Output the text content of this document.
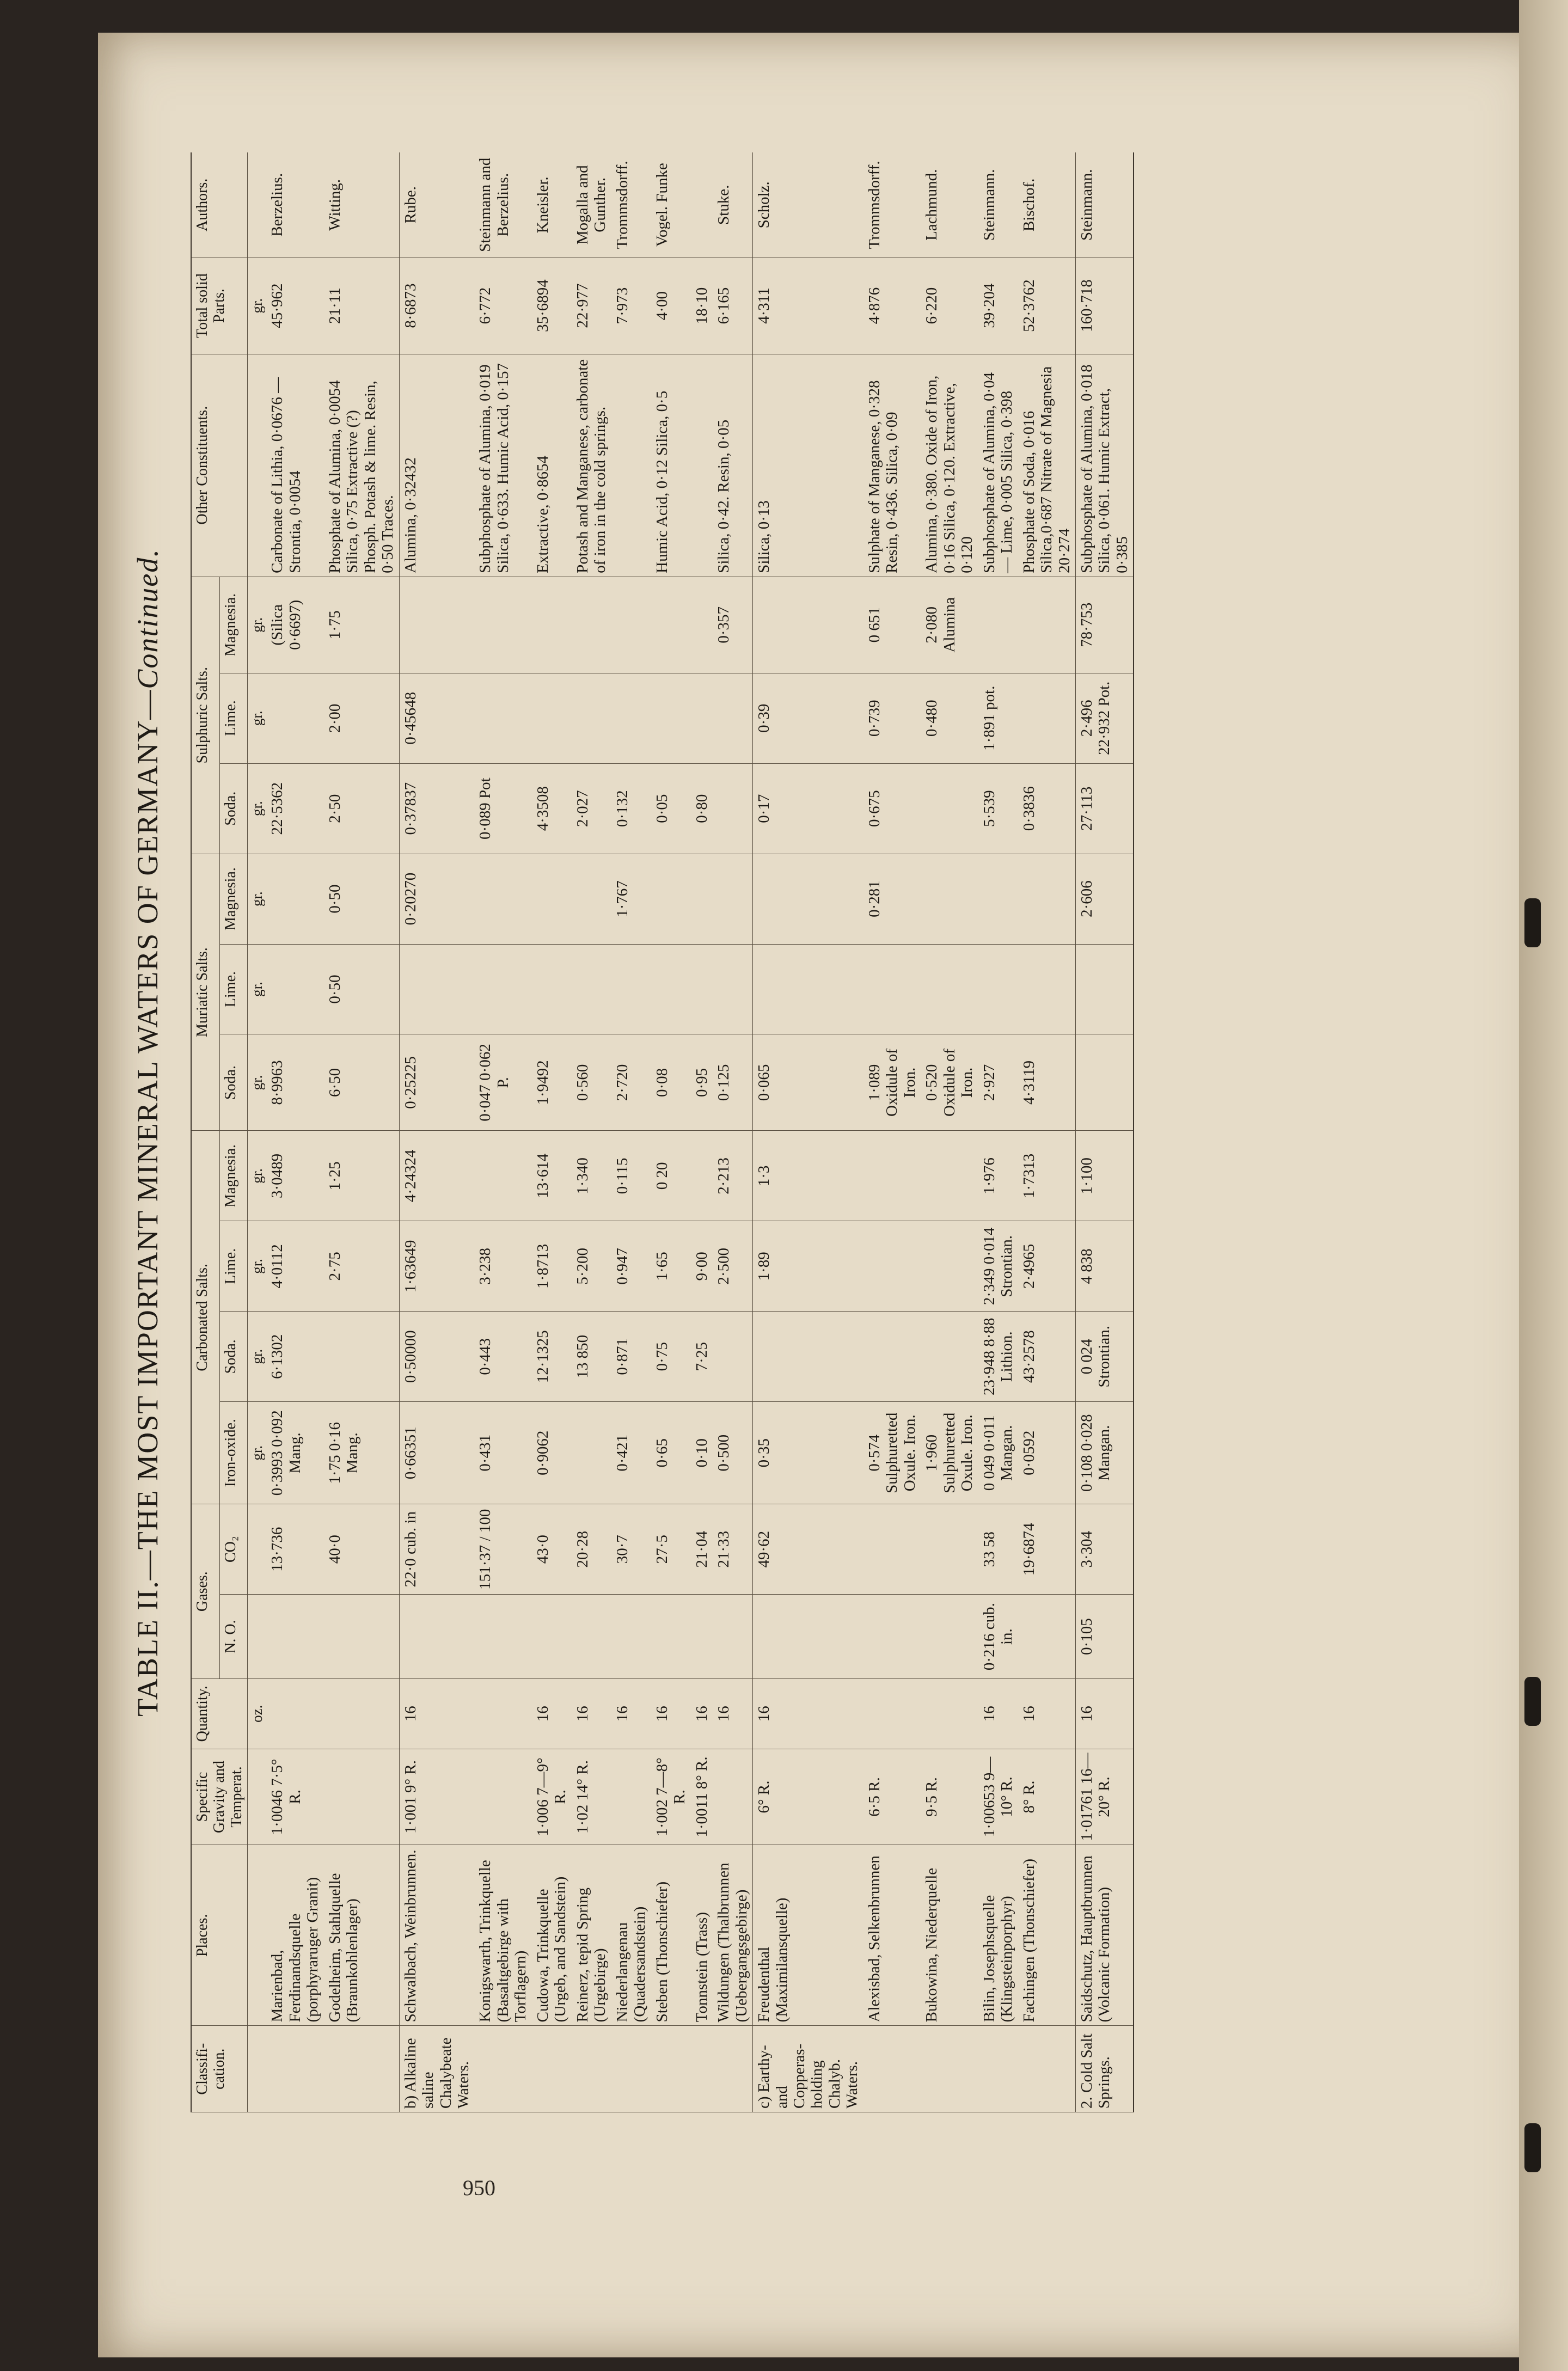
950
TABLE II.—THE MOST IMPORTANT MINERAL WATERS OF GERMANY—Continued.
Classifi- cation.	Places.	Specific Gravity and Temperat.	Quantity.	Gases.		Carbonated Salts.				Muriatic Salts.			Sulphuric Salts.			Other Constituents.	Total solid Parts.	Authors.
				N. O.	CO₂	Iron-oxide.	Soda.	Lime.	Magnesia.	Soda.	Lime.	Magnesia.	Soda.	Lime.	Magnesia.			
			oz.			gr.	gr.	gr.	gr.	gr.	gr.	gr.	gr.	gr.	gr.		gr.	
	Marienbad, Ferdinandsquelle (porphyraruger Granit)	1·0046 7·5° R.			13·736	0·3993 0·092 Mang.	6·1302	4·0112	3·0489	8·9963			22·5362		(Silica 0·6697)	Carbonate of Lithia, 0·0676 —Strontia, 0·0054	45·962	Berzelius.
	Godelheim, Stahlquelle (Braunkohlenlager)				40·0	1·75 0·16 Mang.		2·75	1·25	6·50	0·50	0·50	2·50	2·00	1·75	Phosphate of Alumina, 0·0054 Silica, 0·75 Extractive (?) Phosph. Potash & lime. Resin, 0·50 Traces.	21·11	Witting.
b) Alkaline saline Chalybeate Waters.	Schwalbach, Weinbrunnen.	1·001 9° R.	16		22·0 cub. in	0·66351	0·50000	1·63649	4·24324	0·25225		0·20270	0·37837	0·45648		Alumina, 0·32432	8·6873	Rube.
	Konigswarth, Trinkquelle (Basaltgebirge with Torflagern)				151·37 / 100	0·431	0·443	3·238		0·047 0·062 P.			0·089 Pot			Subphosphate of Alumina, 0·019 Silica, 0·633. Humic Acid, 0·157	6·772	Steinmann and Berzelius.
	Cudowa, Trinkquelle (Urgeb, and Sandstein)	1·006 7—9° R.	16		43·0	0·9062	12·1325	1·8713	13·614	1·9492			4·3508			Extractive, 0·8654	35·6894	Kneisler.
	Reinerz, tepid Spring (Urgebirge)	1·02 14° R.	16		20·28		13 850	5·200	1·340	0·560			2·027			Potash and Manganese, carbonate of iron in the cold springs.	22·977	Mogalla and Gunther.
	Niederlangenau (Quadersandstein)		16		30·7	0·421	0·871	0·947	0·115	2·720		1·767	0·132				7·973	Trommsdorff.
	Steben (Thonschiefer)	1·002 7—8° R.	16		27·5	0·65	0·75	1·65	0 20	0·08			0·05			Humic Acid, 0·12 Silica, 0·5	4·00	Vogel. Funke
	Tonnstein (Trass)	1·0011 8° R.	16		21·04	0·10	7·25	9·00		0·95			0·80				18·10	
	Wildungen (Thalbrunnen (Uebergangsgebirge)		16		21·33	0·500		2·500	2·213	0·125					0·357	Silica, 0·42. Resin, 0·05	6·165	Stuke.
c) Earthy- and Copperas- holding Chalyb. Waters.	Freudenthal (Maximilansquelle)	6° R.	16		49·62	0·35		1·89	1·3	0·065			0·17	0·39		Silica, 0·13	4·311	Scholz.
	Alexisbad, Selkenbrunnen	6·5 R.				0·574 Sulphuretted Oxule. Iron.				1·089 Oxidule of Iron.		0·281	0·675	0·739	0 651	Sulphate of Manganese, 0·328 Resin, 0·436. Silica, 0·09	4·876	Trommsdorff.
	Bukowina, Niederquelle	9·5 R.				1·960 Sulphuretted Oxule. Iron.				0·520 Oxidule of Iron.				0·480	2·080 Alumina	Alumina, 0·380. Oxide of Iron, 0·16 Silica, 0·120. Extractive, 0·120	6·220	Lachmund.
	Bilin, Josephsquelle (Klingsteinporphyr)	1·00653 9—10° R.	16	0·216 cub. in.	33 58	0 049 0·011 Mangan.	23·948 8·88 Lithion.	2·349 0·014 Strontian.	1·976	2·927			5·539	1·891 pot.		Subphosphate of Alumina, 0·04 — Lime, 0·005 Silica, 0·398	39·204	Steinmann.
	Fachingen (Thonschiefer)	8° R.	16		19·6874	0·0592	43·2578	2·4965	1·7313	4·3119			0·3836			Phosphate of Soda, 0·016 Silica,0·687 Nitrate of Magnesia 20·274	52·3762	Bischof.
2. Cold Salt Springs.	Saidschutz, Hauptbrunnen (Volcanic Formation)	1·01761 16—20° R.	16	0·105	3·304	0·108 0·028 Mangan.	0 024 Strontian.	4 838	1·100			2·606	27·113	2·496 22·932 Pot.	78·753	Subphosphate of Alumina, 0·018 Silica, 0·061. Humic Extract, 0·385	160·718	Steinmann.
